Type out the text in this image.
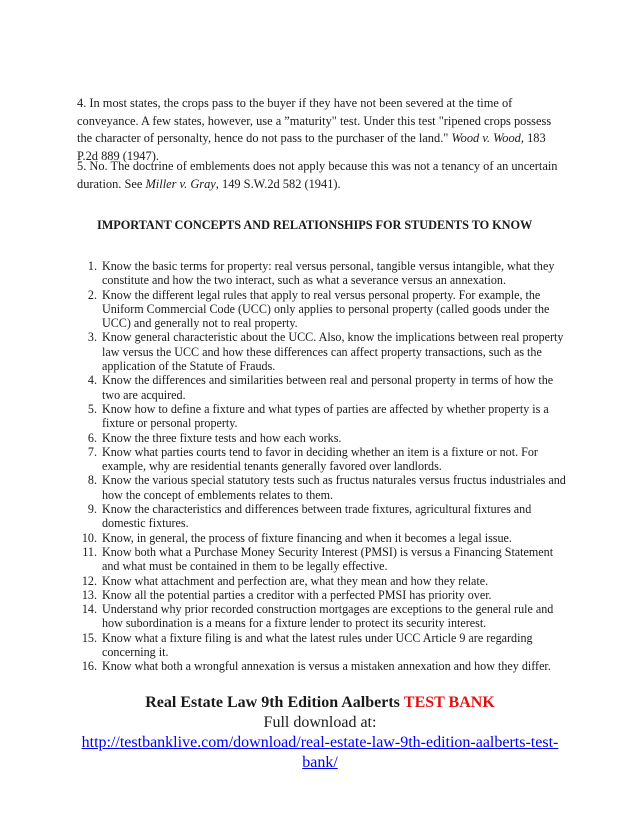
4. In most states, the crops pass to the buyer if they have not been severed at the time of conveyance. A few states, however, use a ”maturity" test. Under this test "ripened crops possess the character of personalty, hence do not pass to the purchaser of the land." Wood v. Wood, 183 P.2d 889 (1947).

5. No. The doctrine of emblements does not apply because this was not a tenancy of an uncertain duration. See Miller v. Gray, 149 S.W.2d 582 (1941).

IMPORTANT CONCEPTS AND RELATIONSHIPS FOR STUDENTS TO KNOW
1. Know the basic terms for property: real versus personal, tangible versus intangible, what they constitute and how the two interact, such as what a severance versus an annexation.
2. Know the different legal rules that apply to real versus personal property. For example, the Uniform Commercial Code (UCC) only applies to personal property (called goods under the UCC) and generally not to real property.
3. Know general characteristic about the UCC. Also, know the implications between real property law versus the UCC and how these differences can affect property transactions, such as the application of the Statute of Frauds.
4. Know the differences and similarities between real and personal property in terms of how the two are acquired.
5. Know how to define a fixture and what types of parties are affected by whether property is a fixture or personal property.
6. Know the three fixture tests and how each works.
7. Know what parties courts tend to favor in deciding whether an item is a fixture or not. For example, why are residential tenants generally favored over landlords.
8. Know the various special statutory tests such as fructus naturales versus fructus industriales and how the concept of emblements relates to them.
9. Know the characteristics and differences between trade fixtures, agricultural fixtures and domestic fixtures.
10. Know, in general, the process of fixture financing and when it becomes a legal issue.
11. Know both what a Purchase Money Security Interest (PMSI) is versus a Financing Statement and what must be contained in them to be legally effective.
12. Know what attachment and perfection are, what they mean and how they relate.
13. Know all the potential parties a creditor with a perfected PMSI has priority over.
14. Understand why prior recorded construction mortgages are exceptions to the general rule and how subordination is a means for a fixture lender to protect its security interest.
15. Know what a fixture filing is and what the latest rules under UCC Article 9 are regarding concerning it.
16. Know what both a wrongful annexation is versus a mistaken annexation and how they differ.
Real Estate Law 9th Edition Aalberts TEST BANK
Full download at:
http://testbanklive.com/download/real-estate-law-9th-edition-aalberts-test-bank/
